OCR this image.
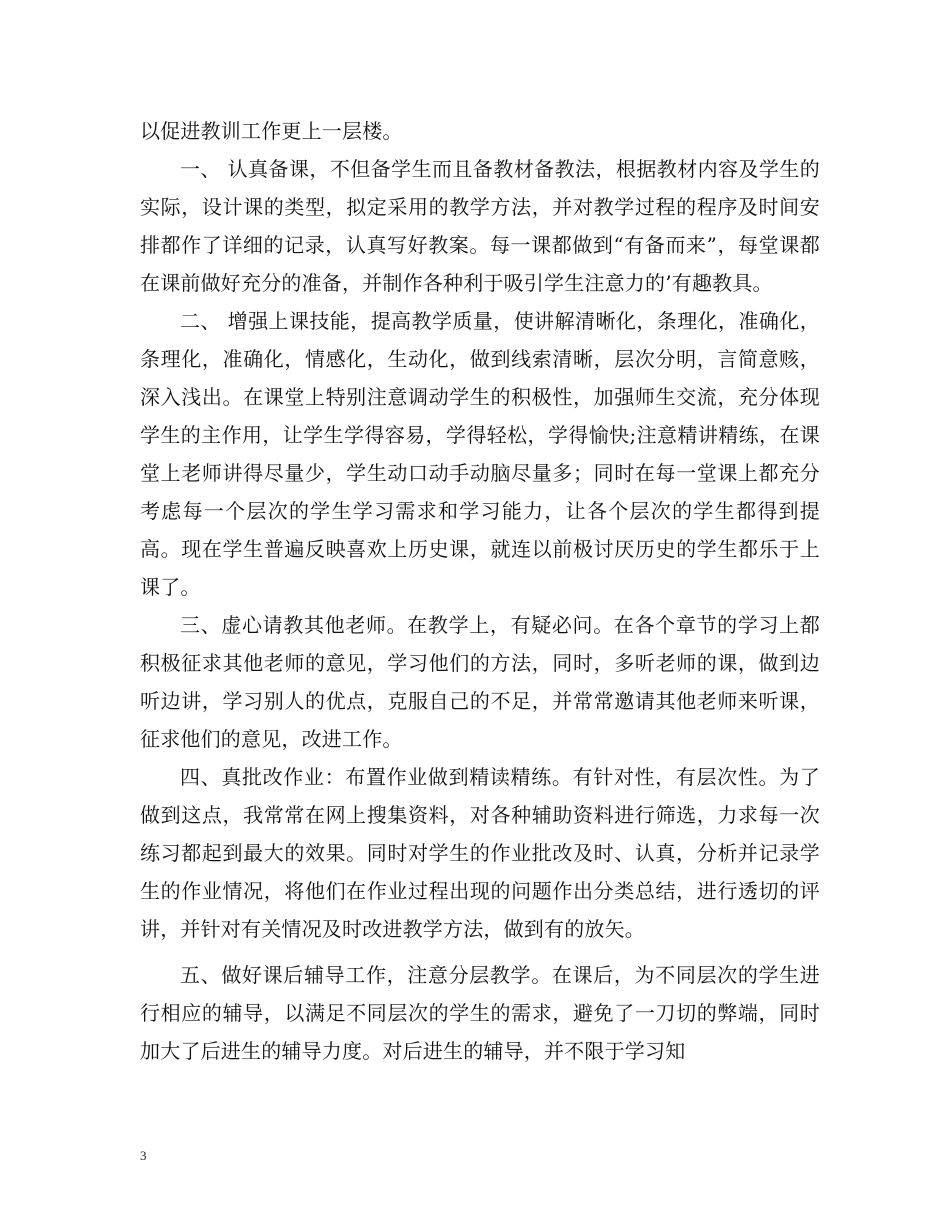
以促进教训工作更上一层楼。

一、 认真备课，不但备学生而且备教材备教法，根据教材内容及学生的实际，设计课的类型，拟定采用的教学方法，并对教学过程的程序及时间安排都作了详细的记录，认真写好教案。每一课都做到“有备而来”，每堂课都在课前做好充分的准备，并制作各种利于吸引学生注意力的’有趣教具。

二、 增强上课技能，提高教学质量，使讲解清晰化，条理化，准确化，条理化，准确化，情感化，生动化，做到线索清晰，层次分明，言简意赅，深入浅出。在课堂上特别注意调动学生的积极性，加强师生交流，充分体现学生的主作用，让学生学得容易，学得轻松，学得愉快;注意精讲精练，在课堂上老师讲得尽量少，学生动口动手动脑尽量多；同时在每一堂课上都充分考虑每一个层次的学生学习需求和学习能力，让各个层次的学生都得到提高。现在学生普遍反映喜欢上历史课，就连以前极讨厌历史的学生都乐于上课了。

三、虚心请教其他老师。在教学上，有疑必问。在各个章节的学习上都积极征求其他老师的意见，学习他们的方法，同时，多听老师的课，做到边听边讲，学习别人的优点，克服自己的不足，并常常邀请其他老师来听课，征求他们的意见，改进工作。

四、真批改作业：布置作业做到精读精练。有针对性，有层次性。为了做到这点，我常常在网上搜集资料，对各种辅助资料进行筛选，力求每一次练习都起到最大的效果。同时对学生的作业批改及时、认真，分析并记录学生的作业情况，将他们在作业过程出现的问题作出分类总结，进行透切的评讲，并针对有关情况及时改进教学方法，做到有的放矢。

五、做好课后辅导工作，注意分层教学。在课后，为不同层次的学生进行相应的辅导，以满足不同层次的学生的需求，避免了一刀切的弊端，同时加大了后进生的辅导力度。对后进生的辅导，并不限于学习知

3
